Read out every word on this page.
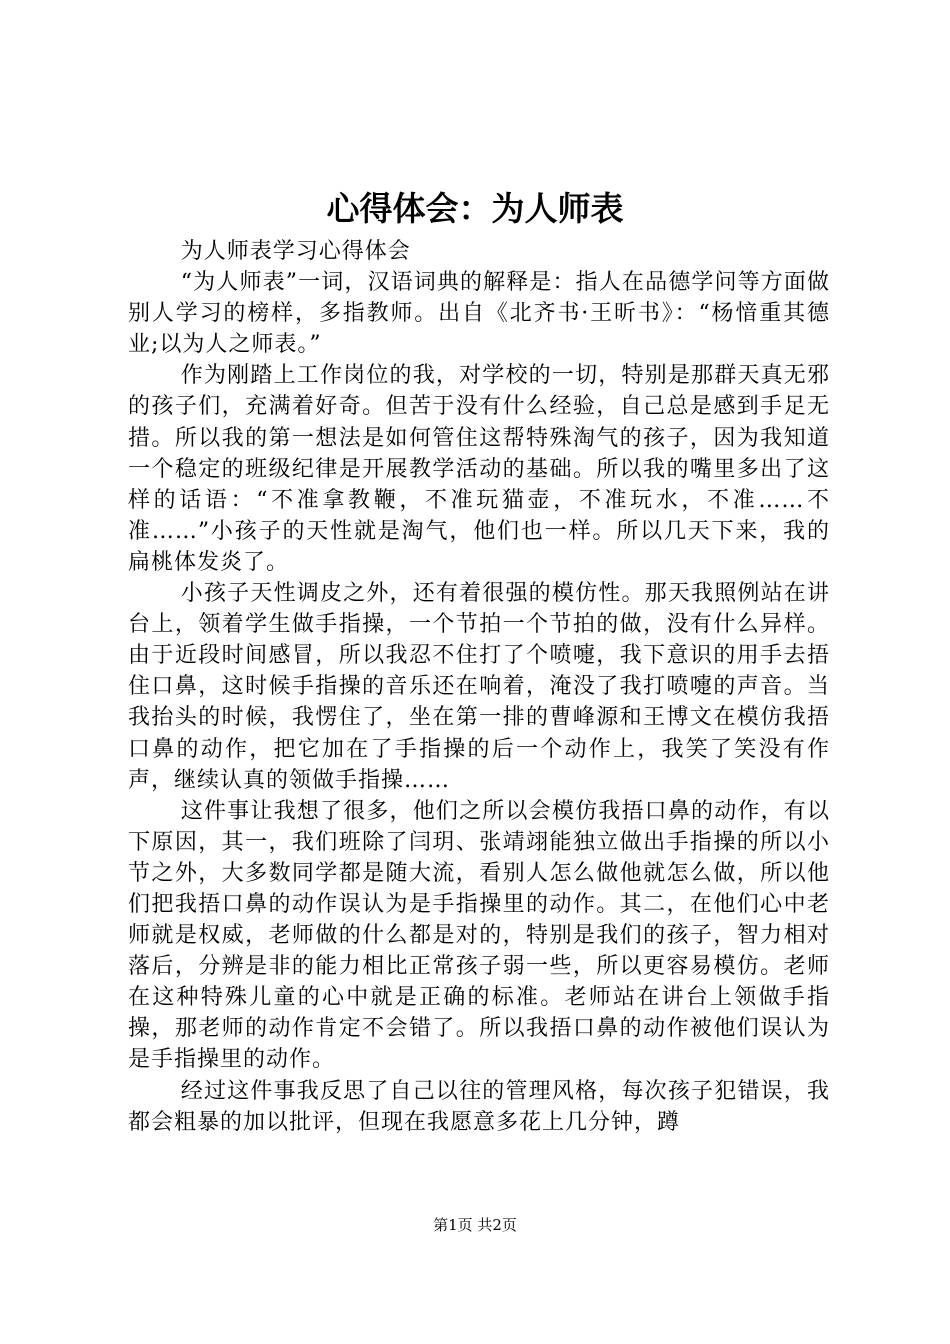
心得体会：为人师表

为人师表学习心得体会

“为人师表”一词，汉语词典的解释是：指人在品德学问等方面做别人学习的榜样，多指教师。出自《北齐书·王昕书》：“杨愔重其德业;以为人之师表。”

作为刚踏上工作岗位的我，对学校的一切，特别是那群天真无邪的孩子们，充满着好奇。但苦于没有什么经验，自己总是感到手足无措。所以我的第一想法是如何管住这帮特殊淘气的孩子，因为我知道一个稳定的班级纪律是开展教学活动的基础。所以我的嘴里多出了这样的话语：“不准拿教鞭，不准玩猫壶，不准玩水，不准……不准……”小孩子的天性就是淘气，他们也一样。所以几天下来，我的扁桃体发炎了。

小孩子天性调皮之外，还有着很强的模仿性。那天我照例站在讲台上，领着学生做手指操，一个节拍一个节拍的做，没有什么异样。由于近段时间感冒，所以我忍不住打了个喷嚏，我下意识的用手去捂住口鼻，这时候手指操的音乐还在响着，淹没了我打喷嚏的声音。当我抬头的时候，我愣住了，坐在第一排的曹峰源和王博文在模仿我捂口鼻的动作，把它加在了手指操的后一个动作上，我笑了笑没有作声，继续认真的领做手指操……

这件事让我想了很多，他们之所以会模仿我捂口鼻的动作，有以下原因，其一，我们班除了闫玥、张靖翊能独立做出手指操的所以小节之外，大多数同学都是随大流，看别人怎么做他就怎么做，所以他们把我捂口鼻的动作误认为是手指操里的动作。其二，在他们心中老师就是权威，老师做的什么都是对的，特别是我们的孩子，智力相对落后，分辨是非的能力相比正常孩子弱一些，所以更容易模仿。老师在这种特殊儿童的心中就是正确的标准。老师站在讲台上领做手指操，那老师的动作肯定不会错了。所以我捂口鼻的动作被他们误认为是手指操里的动作。

经过这件事我反思了自己以往的管理风格，每次孩子犯错误，我都会粗暴的加以批评，但现在我愿意多花上几分钟，蹲

第1页 共2页
